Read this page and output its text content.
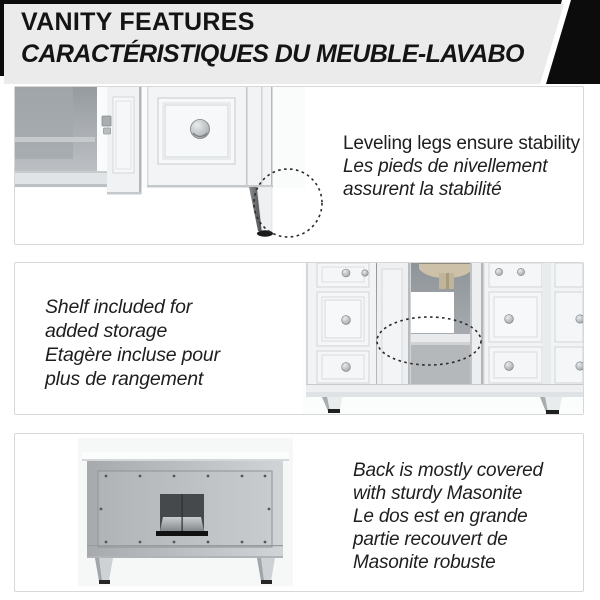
VANITY FEATURES
CARACTÉRISTIQUES DU MEUBLE-LAVABO
Leveling legs ensure stability
Les pieds de nivellement
assurent la stabilité
Shelf included for
added storage
Etagère incluse pour
plus de rangement
Back is mostly covered
with sturdy Masonite
Le dos est en grande
partie recouvert de
Masonite robuste
